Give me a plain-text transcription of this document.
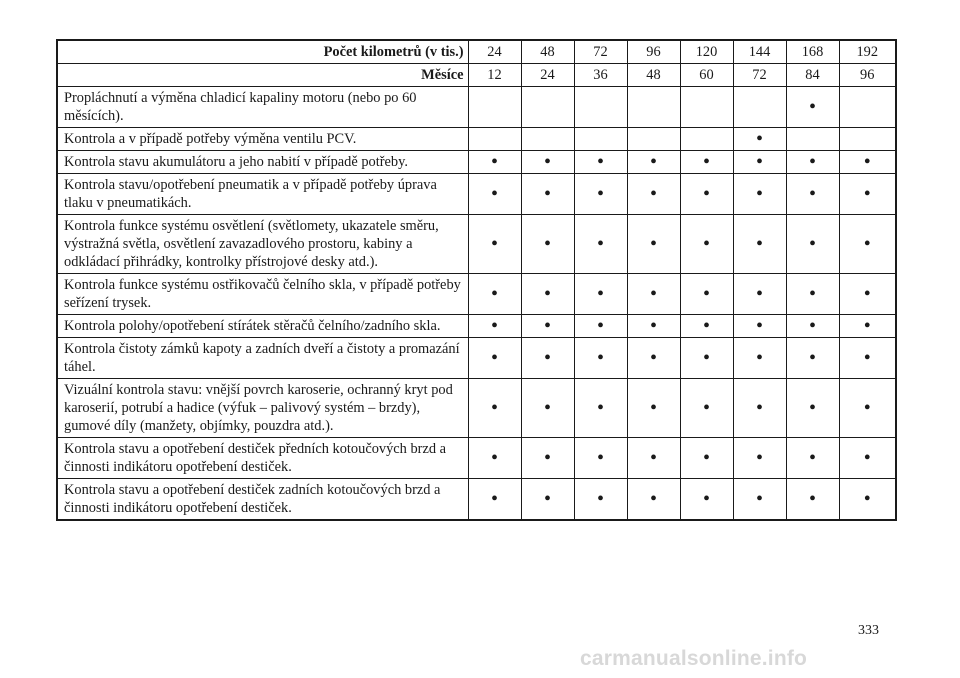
Počet kilometrů (v tis.)	24	48	72	96	120	144	168	192
Měsíce	12	24	36	48	60	72	84	96
Propláchnutí a výměna chladicí kapaliny motoru (nebo po 60 měsících).							•	
Kontrola a v případě potřeby výměna ventilu PCV.						•		
Kontrola stavu akumulátoru a jeho nabití v případě potřeby.	•	•	•	•	•	•	•	•
Kontrola stavu/opotřebení pneumatik a v případě potřeby úprava tlaku v pneumatikách.	•	•	•	•	•	•	•	•
Kontrola funkce systému osvětlení (světlomety, ukazatele směru, výstražná světla, osvětlení zavazadlového prostoru, kabiny a odkládací přihrádky, kontrolky přístrojové desky atd.).	•	•	•	•	•	•	•	•
Kontrola funkce systému ostřikovačů čelního skla, v případě potřeby seřízení trysek.	•	•	•	•	•	•	•	•
Kontrola polohy/opotřebení stírátek stěračů čelního/zadního skla.	•	•	•	•	•	•	•	•
Kontrola čistoty zámků kapoty a zadních dveří a čistoty a promazání táhel.	•	•	•	•	•	•	•	•
Vizuální kontrola stavu: vnější povrch karoserie, ochranný kryt pod karoserií, potrubí a hadice (výfuk – palivový systém – brzdy), gumové díly (manžety, objímky, pouzdra atd.).	•	•	•	•	•	•	•	•
Kontrola stavu a opotřebení destiček předních kotoučových brzd a činnosti indikátoru opotřebení destiček.	•	•	•	•	•	•	•	•
Kontrola stavu a opotřebení destiček zadních kotoučových brzd a činnosti indikátoru opotřebení destiček.	•	•	•	•	•	•	•	•
333
carmanualsonline.info
